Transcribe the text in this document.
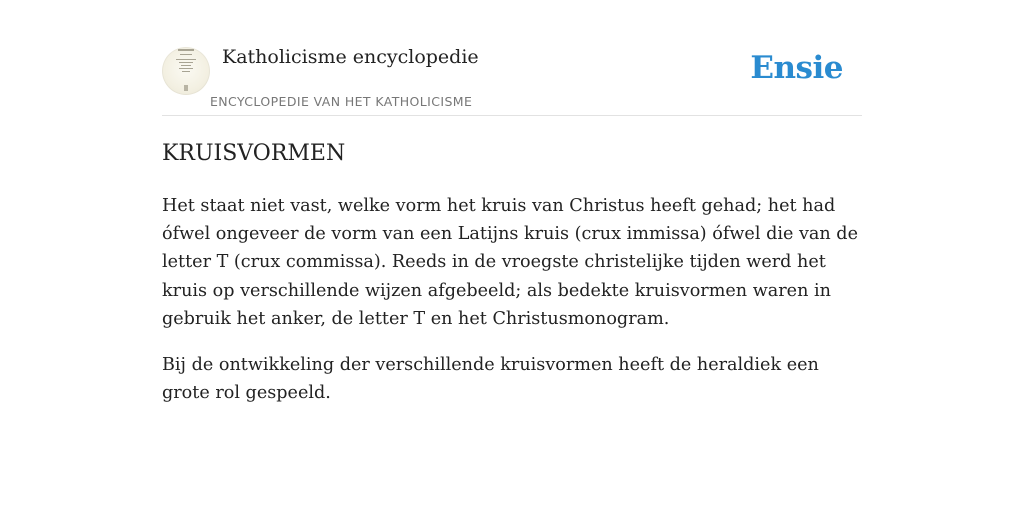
Katholicisme encyclopedie
ENCYCLOPEDIE VAN HET KATHOLICISME
Ensie
KRUISVORMEN

Het staat niet vast, welke vorm het kruis van Christus heeft gehad; het had ófwel ongeveer de vorm van een Latijns kruis (crux immissa) ófwel die van de letter T (crux commissa). Reeds in de vroegste christelijke tijden werd het kruis op verschillende wijzen afgebeeld; als bedekte kruisvormen waren in gebruik het anker, de letter T en het Christusmonogram.

Bij de ontwikkeling der verschillende kruisvormen heeft de heraldiek een grote rol gespeeld.
